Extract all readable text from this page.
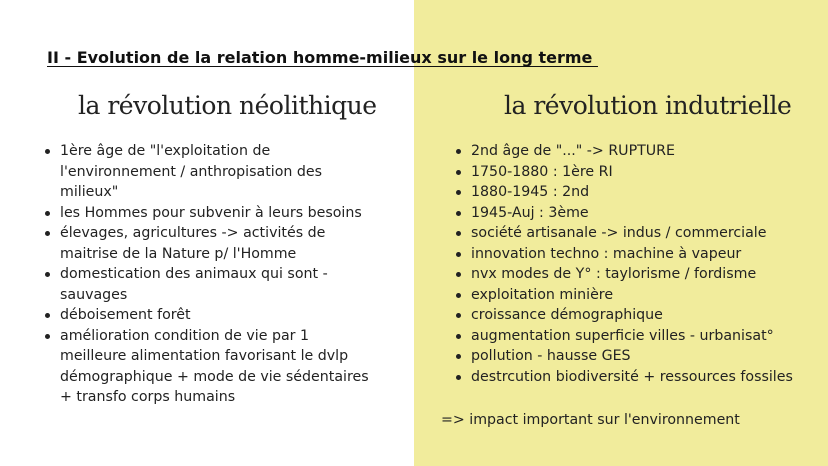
II - Evolution de la relation homme-milieux sur le long terme
la révolution néolithique	la révolution indutrielle
1ère âge de "l'exploitation de l'environnement / anthropisation des milieux"
les Hommes pour subvenir à leurs besoins
élevages, agricultures -> activités de maitrise de la Nature p/ l'Homme
domestication des animaux qui sont - sauvages
déboisement forêt
amélioration condition de vie par 1 meilleure alimentation favorisant le dvlp démographique + mode de vie sédentaires + transfo corps humains
2nd âge de "..." -> RUPTURE
1750-1880 : 1ère RI
1880-1945 : 2nd
1945-Auj : 3ème
société artisanale -> indus / commerciale
innovation techno : machine à vapeur
nvx modes de Y° : taylorisme / fordisme
exploitation minière
croissance démographique
augmentation superficie villes - urbanisat°
pollution - hausse GES
destrcution biodiversité + ressources fossiles
=> impact important sur l'environnement
